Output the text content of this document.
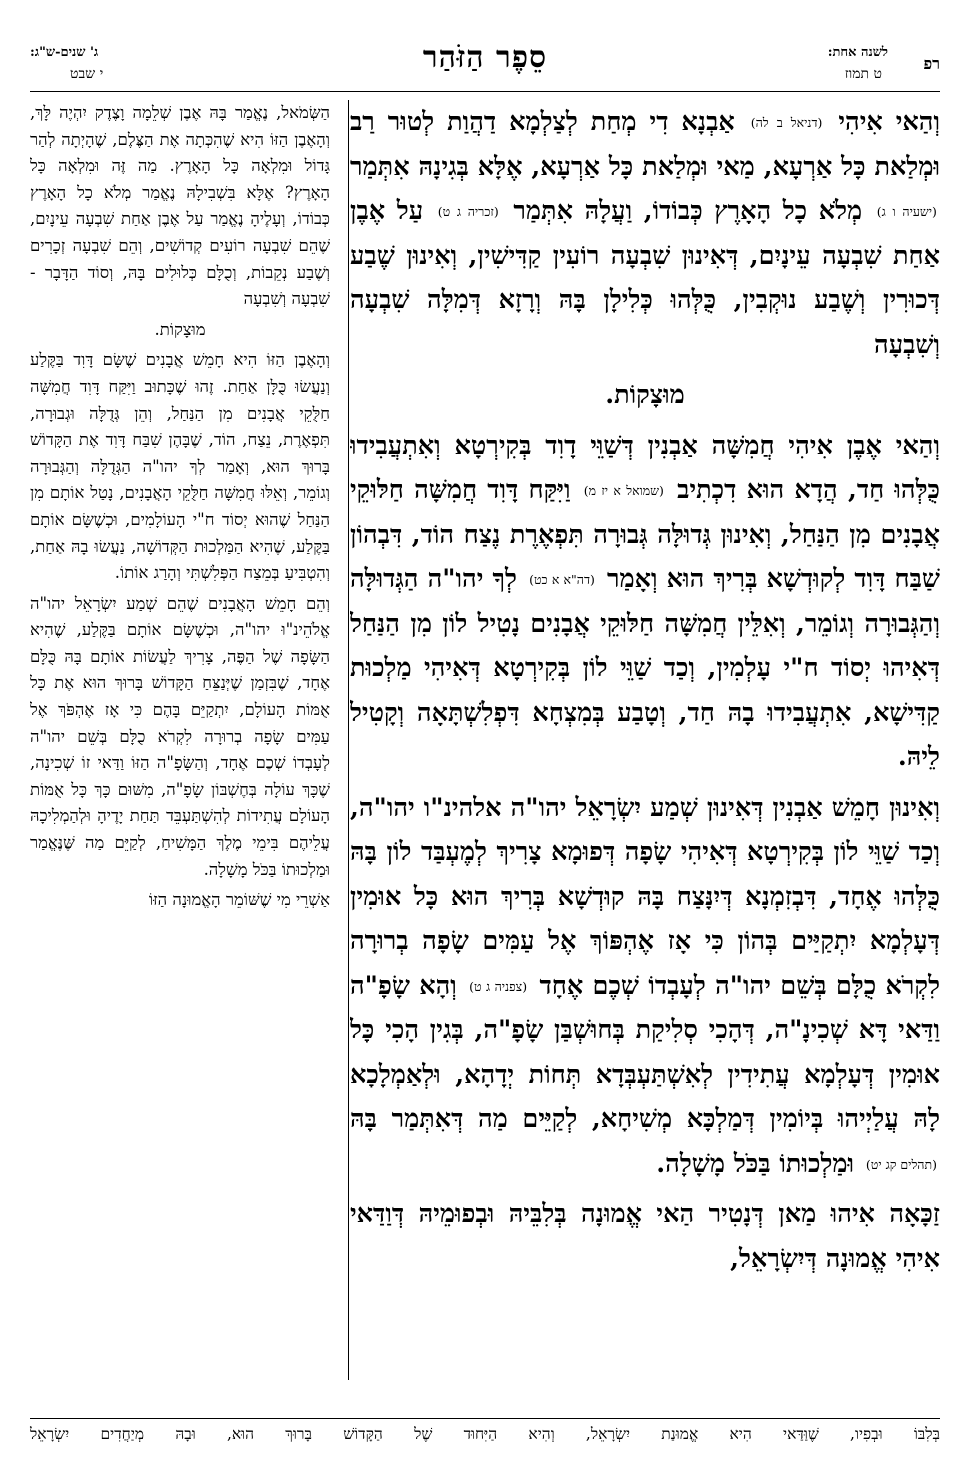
רפ
לשנה אחת:
ט תמוז
סֵפֶר הַזֹּהַר
ג' שנים-ש"ג:
י שבט

וְהַאי אִיהִי (דניאל ב לה) אַבְנָא דִי מְחַת לְצַלְמָא דַהֲוַת לְטוּר רַב וּמְלַאת כָּל אַרְעָא, מַאי וּמְלַאת כָּל אַרְעָא, אֶלָּא בְּגִינָהּ אִתְּמַר (ישעיה ו ג) מְלֹא כָל הָאָרֶץ כְּבוֹדוֹ, וַעֲלָהּ אִתְּמַר (זכריה ג ט) עַל אֶבֶן אַחַת שִׁבְעָה עֵינָיִם, דְּאִינוּן שִׁבְעָה רוֹעִין קַדִּישִׁין, וְאִינוּן שֶׁבַע דְּכוּרִין וְשֶׁבַע נוּקְבִין, כֻּלְּהוּ כְּלִילָן בָּהּ וְרָזָא דְּמִלָּה שִׁבְעָה וְשִׁבְעָה

מוּצָקוֹת.

וְהַאי אֶבֶן אִיהִי חֲמִשָּׁה אַבְנִין דְּשַׁוֵּי דָוִד בְּקִירְטָא וְאִתְעֲבִידוּ כֻּלְּהוּ חַד, הֲדָא הוּא דִכְתִיב (שמואל א יז מ) וַיִּקַּח דָּוִד חֲמִשָּׁה חַלּוּקֵי אֲבָנִים מִן הַנַּחַל, וְאִינוּן גְּדוּלָּה גְּבוּרָה תִּפְאֶרֶת נֶצַח הוֹד, דִּבְהוֹן שַׁבַּח דָּוִד לְקוּדְשָׁא בְּרִיךְ הוּא וְאָמַר (דה"א א כט) לְךָ יהו"ה הַגְּדוּלָּה וְהַגְּבוּרָה וְגוֹמֵר, וְאִלֵּין חֲמִשָּׁה חַלּוּקֵי אֲבָנִים נָטִיל לוֹן מִן הַנַּחַל דְּאִיהוּ יְסוֹד ח"י עָלְמִין, וְכַד שַׁוֵּי לוֹן בְּקִירְטָא דְּאִיהִי מַלְכוּת קַדִּישָׁא, אִתְעֲבִידוּ בָהּ חַד, וְטָבַע בְּמִצְחָא דִּפְלִשְׁתָּאָה וְקָטִיל לֵיהּ.

וְאִינוּן חָמֵשׁ אַבְנִין דְּאִינוּן שְׁמַע יִשְׂרָאֵל יהו"ה אלהינ"ו יהו"ה, וְכַד שַׁוֵּי לוֹן בְּקִירְטָא דְּאִיהִי שָׂפָה דְּפוּמָא צָרִיךְ לְמֶעְבַּד לוֹן בָּהּ כֻּלְּהוּ אֶחָד, דִּבְזִמְנָא דְּיִנָּצַח בָּהּ קוּדְשָׁא בְּרִיךְ הוּא כָּל אוּמִין דְּעָלְמָא יִתְקַיַּים בְּהוֹן כִּי אָז אֶהְפּוֹךְ אֶל עַמִּים שָׂפָה בְרוּרָה לִקְרֹא כֻלָּם בְּשֵׁם יהו"ה לְעָבְדוֹ שְׁכֶם אֶחָד (צפניה ג ט) וְהָא שָׂפָ"ה וַדַּאי דָּא שְׁכִינָ"ה, דְּהָכִי סְלִיקַת בְּחוּשְׁבַּן שָׂפָ"ה, בְּגִין הָכִי כָּל אוּמִין דְּעָלְמָא עֲתִידִין לְאִשְׁתַּעְבְּדָא תְּחוֹת יְדָהָא, וּלְאַמְלָכָא לָהּ עֲלַיְיהוּ בְּיוֹמִין דְּמַלְכָּא מְשִׁיחָא, לְקַיֵּים מַה דְּאִתְּמַר בָּהּ (תהלים קג יט) וּמַלְכוּתוֹ בַּכֹּל מָשָׁלָה.

זַכָּאָה אִיהוּ מַאן דְּנָטִיר הַאי אֱמוּנָה בְּלִבֵּיהּ וּבְפוּמֵיהּ דְּוַדַּאי אִיהִי אֱמוּנָה דְּיִשְׂרָאֵל,

הַשְּׂמֹאל, נֶאֱמַר בָּהּ אֶבֶן שְׁלֵמָה וָצֶדֶק יִהְיֶה לָּךְ, וְהָאֶבֶן הַזּוֹ הִיא שֶׁהִכְּתָה אֶת הַצֶּלֶם, שֶׁהָיְתָה לְהַר גָּדוֹל וּמִלְאָה כָּל הָאָרֶץ. מַה זֶּה וּמִלְאָה כָּל הָאָרֶץ? אֶלָּא בִּשְׁבִילָהּ נֶאֱמַר מְלֹא כָל הָאָרֶץ כְּבוֹדוֹ, וְעָלֶיהָ נֶאֱמַר עַל אֶבֶן אַחַת שִׁבְעָה עֵינָיִם, שֶׁהֵם שִׁבְעָה רוֹעִים קְדוֹשִׁים, וְהֵם שִׁבְעָה זְכָרִים וְשֶׁבַע נְקֵבוֹת, וְכֻלָּם כְּלוּלִים בָּהּ, וְסוֹד הַדָּבָר - שִׁבְעָה וְשִׁבְעָה

מוּצָקוֹת.

וְהָאֶבֶן הַזּוֹ הִיא חָמֵשׁ אֲבָנִים שֶׁשָּׂם דָּוִד בַּקֶּלַע וְנַעֲשׂוּ כֻּלָּן אַחַת. זֶהוּ שֶׁכָּתוּב וַיִּקַּח דָּוִד חֲמִשָּׁה חַלֻּקֵי אֲבָנִים מִן הַנַּחַל, וְהֵן גְּדֻלָּה וּגְבוּרָה, תִּפְאֶרֶת, נֵצַח, הוֹד, שֶׁבָּהֶן שִׁבַּח דָּוִד אֶת הַקָּדוֹשׁ בָּרוּךְ הוּא, וְאָמַר לְךָ יהו"ה הַגְּדֻלָּה וְהַגְּבוּרָה וְגוֹמֵר, וְאֵלּוּ חֲמִשָּׁה חַלֻּקֵי הָאֲבָנִים, נָטַל אוֹתָם מִן הַנַּחַל שֶׁהוּא יְסוֹד ח"י הָעוֹלָמִים, וּכְשֶׁשָּׂם אוֹתָם בַּקֶּלַע, שֶׁהִיא הַמַּלְכוּת הַקְּדוֹשָׁה, נַעֲשׂוּ בָהּ אַחַת, וְהִטְבִּיעַ בְּמֵצַח הַפְּלִשְׁתִּי וְהָרַג אוֹתוֹ.

וְהֵם חָמֵשׁ הָאֲבָנִים שֶׁהֵם שְׁמַע יִשְׂרָאֵל יהו"ה אֱלֹהֵינ"וּ יהו"ה, וּכְשֶׁשָּׂם אוֹתָם בַּקֶּלַע, שֶׁהִיא הַשָּׂפָה שֶׁל הַפֶּה, צָרִיךְ לַעֲשׂוֹת אוֹתָם בָּהּ כֻּלָּם אֶחָד, שֶׁבִּזְמַן שֶׁיְּנַצֵּחַ הַקָּדוֹשׁ בָּרוּךְ הוּא אֶת כָּל אֻמּוֹת הָעוֹלָם, יִתְקַיֵּם בָּהֶם כִּי אָז אֶהְפֹּךְ אֶל עַמִּים שָׂפָה בְרוּרָה לִקְרֹא כֻלָּם בְּשֵׁם יהו"ה לְעָבְדוֹ שְׁכֶם אֶחָד, וְהַשָּׂפָ"ה הַזּוֹ וַדַּאי זוֹ שְׁכִינָה, שֶׁכָּךְ עוֹלָה בְּחֶשְׁבּוֹן שָׂפָ"ה, מִשּׁוּם כָּךְ כָּל אֻמּוֹת הָעוֹלָם עֲתִידוֹת לְהִשְׁתַּעְבֵּד תַּחַת יָדֶיהָ וּלְהַמְלִיכָהּ עֲלֵיהֶם בִּימֵי מֶלֶךְ הַמָּשִׁיחַ, לְקַיֵּם מַה שֶּׁנֶּאֱמַר וּמַלְכוּתוֹ בַּכֹּל מָשָׁלָה.

אַשְׁרֵי מִי שֶׁשּׁוֹמֵר הָאֱמוּנָה הַזּוֹ

בְּלִבּוֹ וּבְפִיו, שֶׁוַּדַּאי הִיא אֱמוּנַת יִשְׂרָאֵל, וְהִיא הַיִּחוּד שֶׁל הַקָּדוֹשׁ בָּרוּךְ הוּא, וּבָהּ מְיַחֲדִים יִשְׂרָאֵל
